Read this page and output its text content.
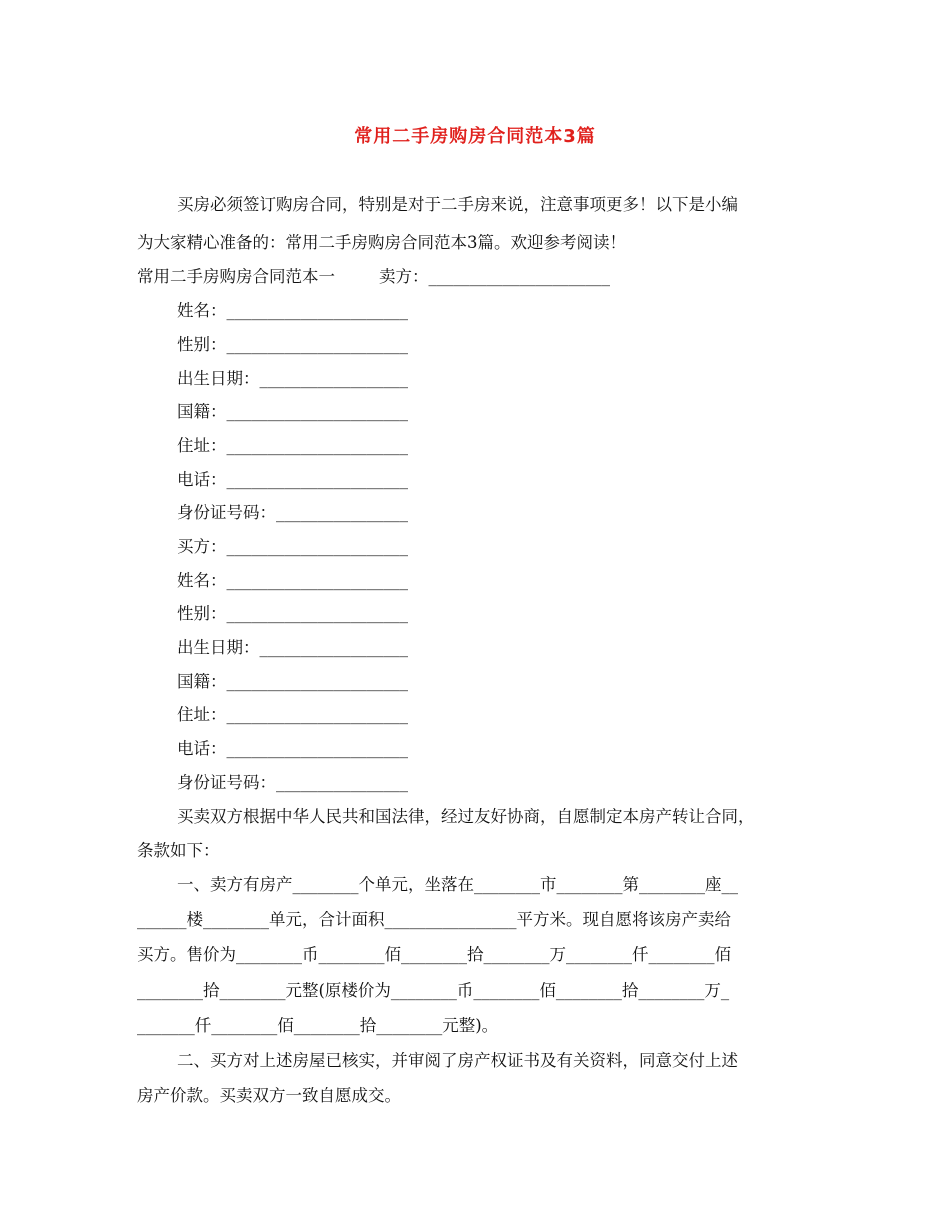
常用二手房购房合同范本3篇
买房必须签订购房合同，特别是对于二手房来说，注意事项更多！以下是小编
为大家精心准备的：常用二手房购房合同范本3篇。欢迎参考阅读！
常用二手房购房合同范本一	卖方：______________________
姓名：______________________
性别：______________________
出生日期：__________________
国籍：______________________
住址：______________________
电话：______________________
身份证号码：________________
买方：______________________
姓名：______________________
性别：______________________
出生日期：__________________
国籍：______________________
住址：______________________
电话：______________________
身份证号码：________________
买卖双方根据中华人民共和国法律，经过友好协商，自愿制定本房产转让合同，
条款如下：
一、卖方有房产________个单元，坐落在________市________第________座__
______楼________单元，合计面积________________平方米。现自愿将该房产卖给
买方。售价为________币________佰________拾________万________仟________佰
________拾________元整(原楼价为________币________佰________拾________万_
_______仟________佰________拾________元整)。
二、买方对上述房屋已核实，并审阅了房产权证书及有关资料，同意交付上述
房产价款。买卖双方一致自愿成交。
